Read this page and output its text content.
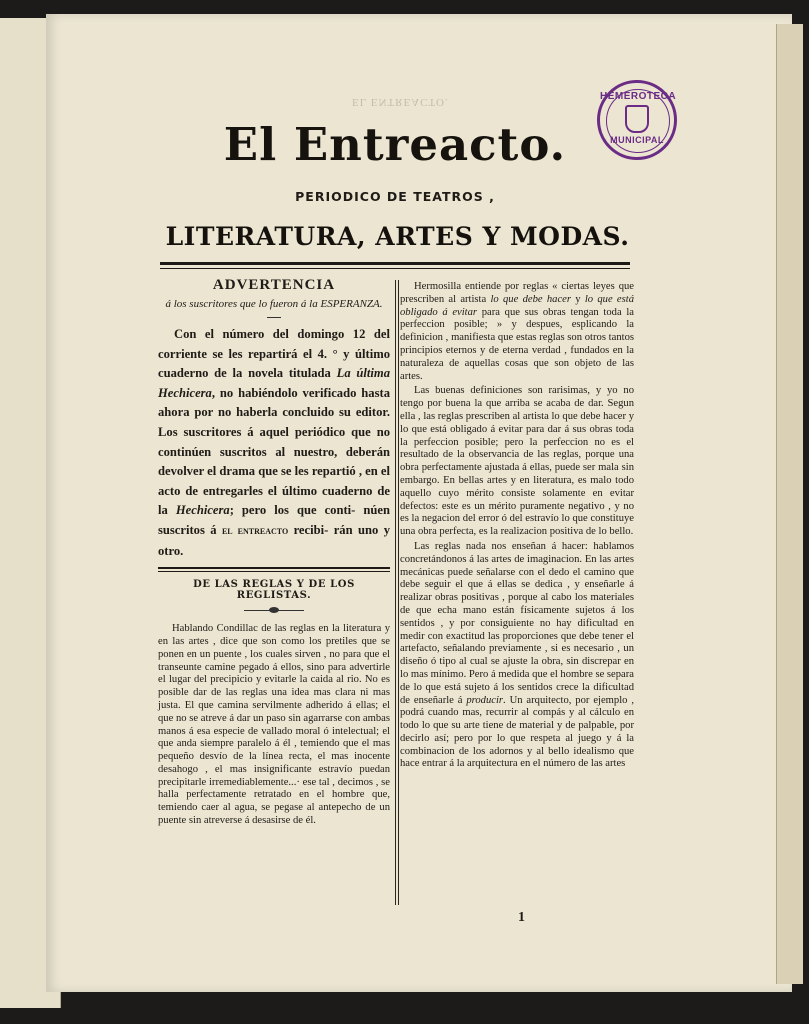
EL ENTREACTO.	HEMEROTECA
MUNICIPAL
El Entreacto.
PERIODICO DE TEATROS ,
LITERATURA, ARTES Y MODAS.

ADVERTENCIA

á los suscritores que lo fueron á la ESPERANZA.

Con el número del domingo 12 del corriente se les repartirá el 4. ° y último cuaderno de la novela titulada La última Hechicera, no habiéndolo verificado hasta ahora por no haberla concluido su editor. Los suscritores á aquel periódico que no continúen suscritos al nuestro, deberán devolver el drama que se les repartió , en el acto de entregarles el último cuaderno de la Hechicera; pero los que conti- núen suscritos á el entreacto recibi- rán uno y otro.

DE LAS REGLAS Y DE LOS REGLISTAS.

Hablando Condillac de las reglas en la literatura y en las artes , dice que son como los pretiles que se ponen en un puente , los cuales sirven , no para que el transeunte camine pegado á ellos, sino para advertirle el lugar del precipicio y evitarle la caida al rio. No es posible dar de las reglas una idea mas clara ni mas justa. El que camina servilmente adherido á ellas; el que no se atreve á dar un paso sin agarrarse con ambas manos á esa especie de vallado moral ó intelectual; el que anda siempre paralelo á él , temiendo que el mas pequeño desvío de la línea recta, el mas inocente desahogo , el mas insignificante estravío puedan precipitarle irremediablemente...· ese tal , decimos , se halla perfectamente retratado en el hombre que, temiendo caer al agua, se pegase al antepecho de un puente sin atreverse á desasirse de él.

Hermosilla entiende por reglas « ciertas leyes que prescriben al artista lo que debe hacer y lo que está obligado á evitar para que sus obras tengan toda la perfeccion posible; » y despues, esplicando la definicion , manifiesta que estas reglas son otros tantos principios eternos y de eterna verdad , fundados en la naturaleza de aquellas cosas que son objeto de las artes.

Las buenas definiciones son rarisimas, y yo no tengo por buena la que arriba se acaba de dar. Segun ella , las reglas prescriben al artista lo que debe hacer y lo que está obligado á evitar para dar á sus obras toda la perfeccion posible; pero la perfeccion no es el resultado de la observancia de las reglas, porque una obra perfectamente ajustada á ellas, puede ser mala sin embargo. En bellas artes y en literatura, es malo todo aquello cuyo mérito consiste solamente en evitar defectos: este es un mérito puramente negativo , y no es la negacion del error ó del estravío lo que constituye una obra perfecta, es la realizacion positiva de lo bello.

Las reglas nada nos enseñan á hacer: hablamos concretándonos á las artes de imaginacion. En las artes mecánicas puede señalarse con el dedo el camino que debe seguir el que á ellas se dedica , y enseñarle á realizar obras positivas , porque al cabo los materiales de que echa mano están físicamente sujetos á los sentidos , y por consiguiente no hay dificultad en medir con exactitud las proporciones que debe tener el artefacto, señalando previamente , si es necesario , un diseño ó tipo al cual se ajuste la obra, sin discrepar en lo mas mínimo. Pero á medida que el hombre se separa de lo que está sujeto á los sentidos crece la dificultad de enseñarle á producir. Un arquitecto, por ejemplo , podrá cuando mas, recurrir al compás y al cálculo en todo lo que su arte tiene de material y de palpable, por decirlo así; pero por lo que respeta al juego y á la combinacion de los adornos y al bello idealismo que hace entrar á la arquitectura en el número de las artes

1
